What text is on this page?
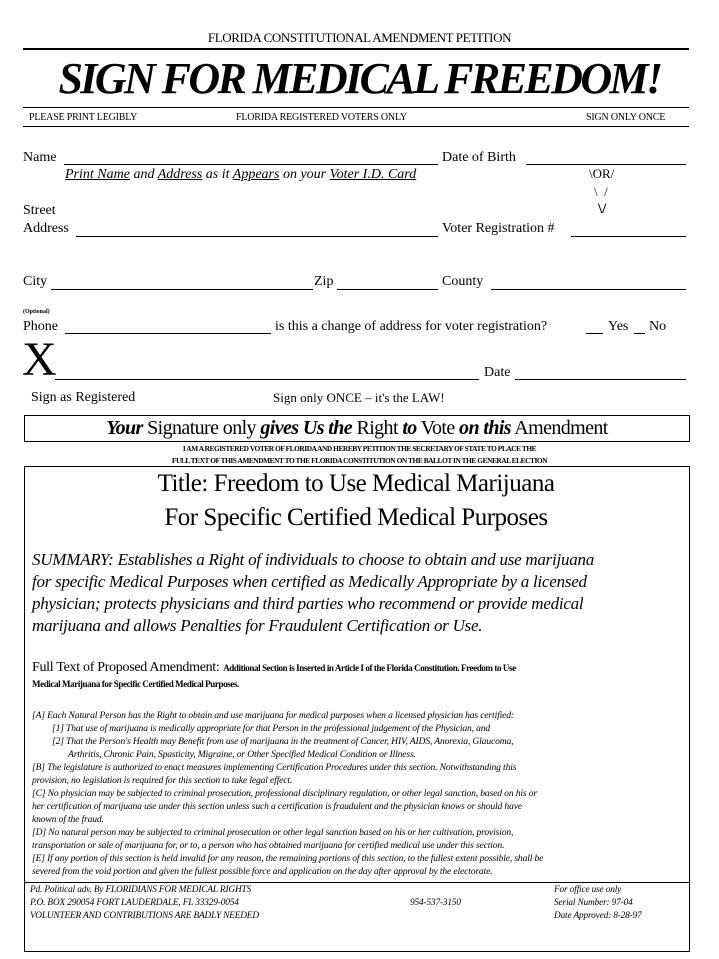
FLORIDA CONSTITUTIONAL AMENDMENT PETITION
SIGN FOR MEDICAL FREEDOM!
PLEASE PRINT LEGIBLY	FLORIDA REGISTERED VOTERS ONLY	SIGN ONLY ONCE
Name	Date of Birth
Print Name and Address as it Appears on your Voter I.D. Card	\OR/
\  /
\/
Street
Address	Voter Registration #
City	Zip	County
(Optional)
Phone	is this a change of address for voter registration?	Yes No
X	Date
Sign as Registered	Sign only ONCE – it's the LAW!
Your Signature only gives Us the Right to Vote on this Amendment
I AM A REGISTERED VOTER OF FLORIDA AND HEREBY PETITION THE SECRETARY OF STATE TO PLACE THE
FULL TEXT OF THIS AMENDMENT TO THE FLORIDA CONSTITUTION ON THE BALLOT IN THE GENERAL ELECTION
Title: Freedom to Use Medical Marijuana
For Specific Certified Medical Purposes
SUMMARY: Establishes a Right of individuals to choose to obtain and use marijuana
for specific Medical Purposes when certified as Medically Appropriate by a licensed
physician; protects physicians and third parties who recommend or provide medical
marijuana and allows Penalties for Fraudulent Certification or Use.
Full Text of Proposed Amendment: Additional Section is Inserted in Article I of the Florida Constitution. Freedom to Use
Medical Marijuana for Specific Certified Medical Purposes.
[A] Each Natural Person has the Right to obtain and use marijuana for medical purposes when a licensed physician has certified:
[1] That use of marijuana is medically appropriate for that Person in the professional judgement of the Physician, and
[2] That the Person's Health may Benefit from use of marijuana in the treatment of Cancer, HIV, AIDS, Anorexia, Glaucoma,
Arthritis, Chronic Pain, Spasticity, Migraine, or Other Specified Medical Condition or Illness.
[B] The legislature is authorized to enact measures implementing Certification Procedures under this section. Notwithstanding this
provision, no legislation is required for this section to take legal effect.
[C] No physician may be subjected to criminal prosecution, professional disciplinary regulation, or other legal sanction, based on his or
her certification of marijuana use under this section unless such a certification is fraudulent and the physician knows or should have
known of the fraud.
[D] No natural person may be subjected to criminal prosecution or other legal sanction based on his or her cultivation, provision,
transportation or sale of marijuana for, or to, a person who has obtained marijuana for certified medical use under this section.
[E] If any portion of this section is held invalid for any reason, the remaining portions of this section, to the fullest extent possible, shall be
severed from the void portion and given the fullest possible force and application on the day after approval by the electorate.
Pd. Political adv. By FLORIDIANS FOR MEDICAL RIGHTS
P.O. BOX 290054 FORT LAUDERDALE, FL 33329-0054
VOLUNTEER AND CONTRIBUTIONS ARE BADLY NEEDED
954-537-3150
For office use only
Serial Number: 97-04
Date Approved: 8-28-97
